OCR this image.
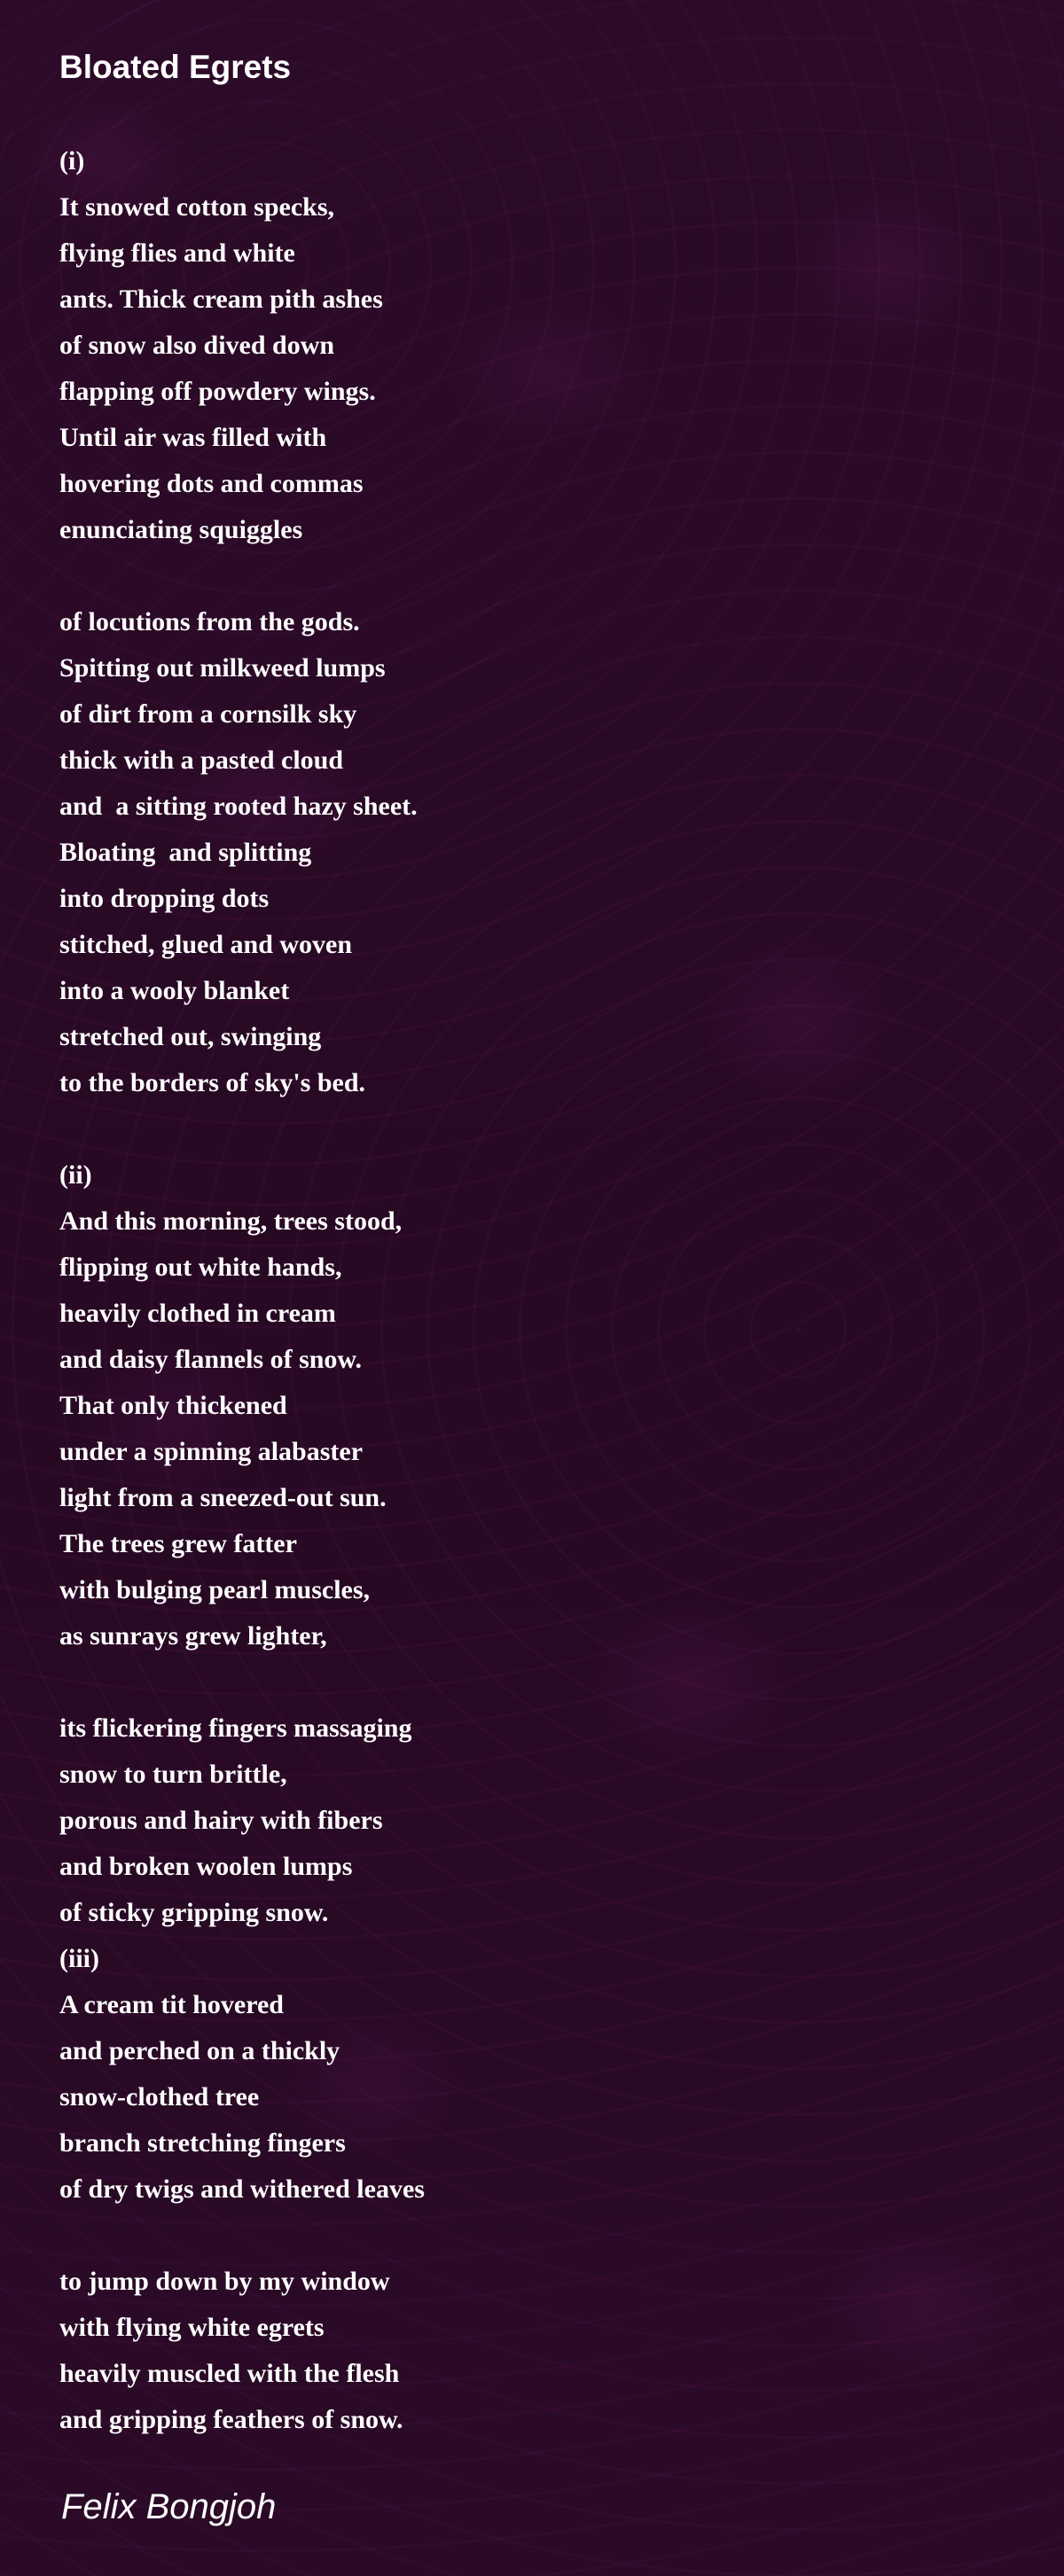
Bloated Egrets
(i)
It snowed cotton specks,
flying flies and white
ants. Thick cream pith ashes
of snow also dived down
flapping off powdery wings.
Until air was filled with
hovering dots and commas
enunciating squiggles
of locutions from the gods.
Spitting out milkweed lumps
of dirt from a cornsilk sky
thick with a pasted cloud
and  a sitting rooted hazy sheet.
Bloating  and splitting
into dropping dots
stitched, glued and woven
into a wooly blanket
stretched out, swinging
to the borders of sky's bed.
(ii)
And this morning, trees stood,
flipping out white hands,
heavily clothed in cream
and daisy flannels of snow.
That only thickened
under a spinning alabaster
light from a sneezed-out sun.
The trees grew fatter
with bulging pearl muscles,
as sunrays grew lighter,
its flickering fingers massaging
snow to turn brittle,
porous and hairy with fibers
and broken woolen lumps
of sticky gripping snow.
(iii)
A cream tit hovered
and perched on a thickly
snow-clothed tree
branch stretching fingers
of dry twigs and withered leaves
to jump down by my window
with flying white egrets
heavily muscled with the flesh
and gripping feathers of snow.

Felix Bongjoh
